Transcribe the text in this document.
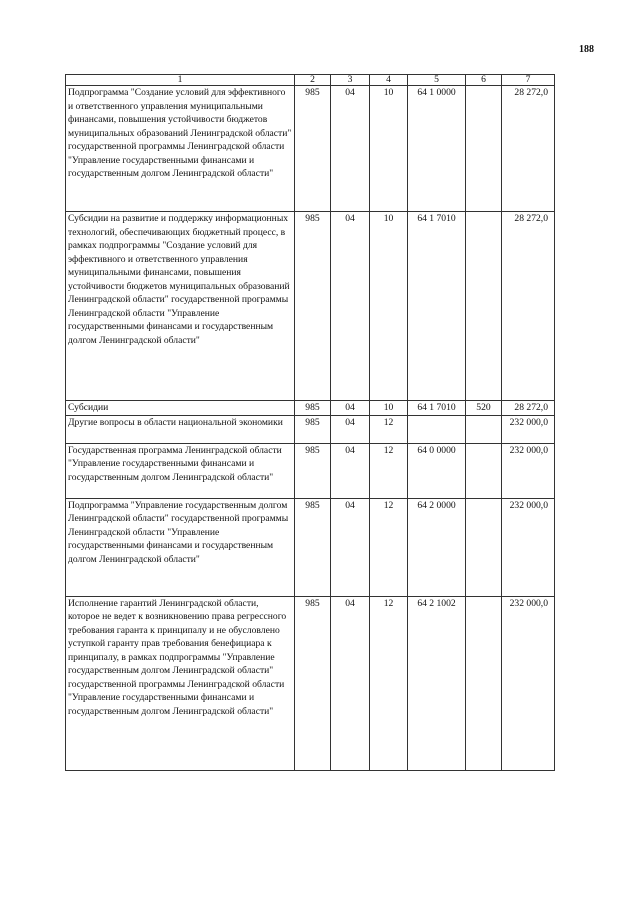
188
1	2	3	4	5	6	7
Подпрограмма "Создание условий для эффективного и ответственного управления муниципальными финансами, повышения устойчивости бюджетов муниципальных образований Ленинградской области" государственной программы Ленинградской области "Управление государственными финансами и государственным долгом Ленинградской области"	985	04	10	64 1 0000		28 272,0
Субсидии на развитие и поддержку информационных технологий, обеспечивающих бюджетный процесс, в рамках подпрограммы "Создание условий для эффективного и ответственного управления муниципальными финансами, повышения устойчивости бюджетов муниципальных образований Ленинградской области" государственной программы Ленинградской области "Управление государственными финансами и государственным долгом Ленинградской области"	985	04	10	64 1 7010		28 272,0
Субсидии	985	04	10	64 1 7010	520	28 272,0
Другие вопросы в области национальной экономики	985	04	12			232 000,0
Государственная программа Ленинградской области "Управление государственными финансами и государственным долгом Ленинградской области"	985	04	12	64 0 0000		232 000,0
Подпрограмма "Управление государственным долгом Ленинградской области" государственной программы Ленинградской области "Управление государственными финансами и государственным долгом Ленинградской области"	985	04	12	64 2 0000		232 000,0
Исполнение гарантий Ленинградской области, которое не ведет к возникновению права регрессного требования гаранта к принципалу и не обусловлено уступкой гаранту прав требования бенефициара к принципалу, в рамках подпрограммы "Управление государственным долгом Ленинградской области" государственной программы Ленинградской области "Управление государственными финансами и государственным долгом Ленинградской области"	985	04	12	64 2 1002		232 000,0
